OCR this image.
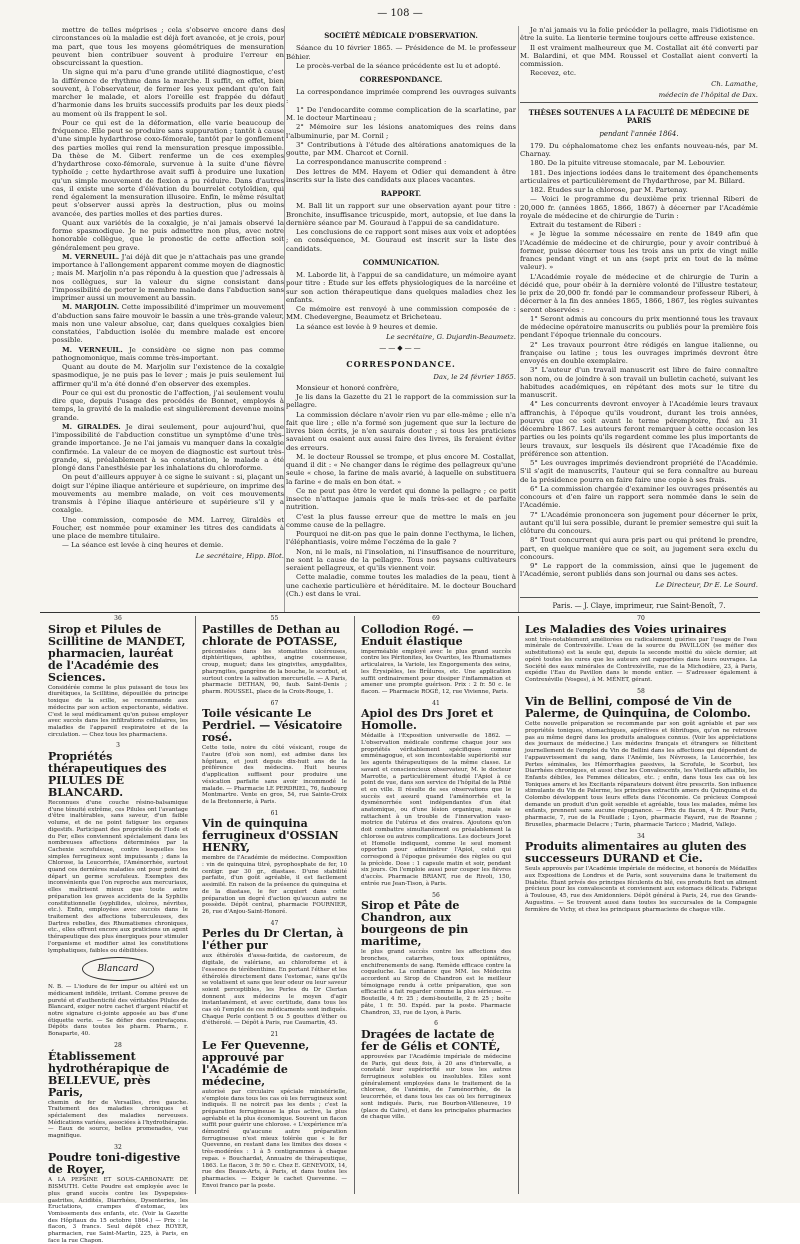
— 108 —

mettre de telles méprises ; cela s'observe encore dans des circonstances où la maladie est déjà fort avancée, et je crois, pour ma part, que tous les moyens géométriques de mensuration peuvent bien contribuer souvent à produire l'erreur en obscurcissant la question.

Un signe qui m'a paru d'une grande utilité diagnostique, c'est la différence de rhythme dans la marche. Il suffit, en effet, bien souvent, à l'observateur, de fermer les yeux pendant qu'on fait marcher le malade, et alors l'oreille est frappée du défaut d'harmonie dans les bruits successifs produits par les deux pieds au moment où ils frappent le sol.

Pour ce qui est de la déformation, elle varie beaucoup de fréquence. Elle peut se produire sans suppuration ; tantôt à cause d'une simple hydarthrose coxo-fémorale, tantôt par le gonflement des parties molles qui rend la mensuration presque impossible. Da thèse de M. Gibert renferme un de ces exemples d'hydarthrose coxo-fémorale, survenue à la suite d'une fièvre typhoïde ; cette hydarthrose avait suffi à produire une luxation qu'un simple mouvement de flexion a pu réduire. Dans d'autres cas, il existe une sorte d'élévation du bourrelet cotyloïdien, qui rend également la mensuration illusoire. Enfin, le même résultat peut s'observer aussi après la destruction, plus ou moins avancée, des parties molles et des parties dures.

Quant aux variétés de la coxalgie, je n'ai jamais observé la forme spasmodique. Je ne puis admettre non plus, avec notre honorable collègue, que le pronostic de cette affection soit généralement peu grave.

M. VERNEUIL. J'ai déjà dit que je n'attachais pas une grande importance à l'allongement apparent comme moyen de diagnostic ; mais M. Marjolin n'a pas répondu à la question que j'adressais à nos collègues, sur la valeur du signe consistant dans l'impossibilité de porter le membre malade dans l'abduction sans imprimer aussi un mouvement au bassin.

M. MARJOLIN. Cette impossibilité d'imprimer un mouvement d'abduction sans faire mouvoir le bassin a une très-grande valeur, mais non une valeur absolue, car, dans quelques coxalgies bien constatées, l'abduction isolée du membre malade est encore possible.

M. VERNEUIL. Je considère ce signe non pas comme pathognomonique, mais comme très-important.

Quant au doute de M. Marjolin sur l'existence de la coxalgie spasmodique, je ne puis pas le lever ; mais je puis seulement lui affirmer qu'il m'a été donné d'en observer des exemples.

Pour ce qui est du pronostic de l'affection, j'ai seulement voulu dire que, depuis l'usage des procédés de Bonnet, employés à temps, la gravité de la maladie est singulièrement devenue moins grande.

M. GIRALDÈS. Je dirai seulement, pour aujourd'hui, que l'impossibilité de l'abduction constitue un symptôme d'une très-grande importance. Je ne l'ai jamais vu manquer dans la coxalgie confirmée. La valeur de ce moyen de diagnostic est surtout très-grande, si, préalablement à sa constatation, le malade a été plongé dans l'anesthésie par les inhalations du chloroforme.

On peut d'ailleurs appuyer à ce signe le suivant : si, plaçant un doigt sur l'épine iliaque antérieure et supérieure, on imprime des mouvements au membre malade, on voit ces mouvements transmis à l'épine iliaque antérieure et supérieure s'il y a coxalgie.

Une commission, composée de MM. Larrey, Giraldès et Foucher, est nommée pour examiner les titres des candidats à une place de membre titulaire.

— La séance est levée à cinq heures et demie.

Le secrétaire, Hipp. Blot.
SOCIÉTÉ MÉDICALE D'OBSERVATION.

Séance du 10 février 1865. — Présidence de M. le professeur Béhier.

Le procès-verbal de la séance précédente est lu et adopté.

CORRESPONDANCE.

La correspondance imprimée comprend les ouvrages suivants :

1° De l'endocardite comme complication de la scarlatine, par M. le docteur Martineau ;

2° Mémoire sur les lésions anatomiques des reins dans l'albuminurie, par M. Cornil ;

3° Contributions à l'étude des altérations anatomiques de la goutte, par MM. Charcot et Cornil.

La correspondance manuscrite comprend :

Des lettres de MM. Hayem et Odier qui demandent à être inscrits sur la liste des candidats aux places vacantes.

RAPPORT.

M. Ball lit un rapport sur une observation ayant pour titre : Bronchite, insuffisance tricuspide, mort, autopsie, et lue dans la dernière séance par M. Gouraud à l'appui de sa candidature.

Les conclusions de ce rapport sont mises aux voix et adoptées ; en conséquence, M. Gouraud est inscrit sur la liste des candidats.

COMMUNICATION.

M. Laborde lit, à l'appui de sa candidature, un mémoire ayant pour titre : Étude sur les effets physiologiques de la narcéine et sur son action thérapeutique dans quelques maladies chez les enfants.

Ce mémoire est renvoyé à une commission composée de : MM. Chedevergne, Beaumetz et Bricheteau.

La séance est levée à 9 heures et demie.

Le secrétaire, G. Dujardin-Beaumetz.
——◆——
CORRESPONDANCE.
Dax, le 24 février 1865.

Monsieur et honoré confrère,

Je lis dans la Gazette du 21 le rapport de la commission sur la pellagre.

La commission déclare n'avoir rien vu par elle-même ; elle n'a fait que lire ; elle n'a formé son jugement que sur la lecture de livres bien écrits, je n'en saurais douter ; si tous les praticiens savaient ou osaient aux aussi faire des livres, ils feraient éviter des erreurs.

M. le docteur Roussel se trompe, et plus encore M. Costallat, quand il dit : « Ne changer dans le régime des pellagreux qu'une seule « chose, la farine de maïs avarié, à laquelle on substituera la farine « de maïs en bon état. »

Ce ne peut pas être le verdet qui donne la pellagre ; ce petit insecte n'attaque jamais que le maïs très-sec et de parfaite nutrition.

C'est la plus fausse erreur que de mettre le maïs en jeu comme cause de la pellagre.

Pourquoi ne dit-on pas que le pain donne l'ecthyma, le lichen, l'éléphantiasis, voire même l'eczéma de la gale ?

Non, ni le maïs, ni l'insolation, ni l'insuffisance de nourriture, ne sont la cause de la pellagre. Tous nos paysans cultivateurs seraient pellagreux, et qu'ils viennent voir.

Cette maladie, comme toutes les maladies de la peau, tient à une cachexie particulière et héréditaire. M. le docteur Bouchard (Ch.) est dans le vrai.

Je n'ai jamais vu la folie précéder la pellagre, mais l'idiotisme en être la suite. La lienterie termine toujours cette affreuse existence.

Il est vraiment malheureux que M. Costallat ait été converti par M. Balardini, et que MM. Roussel et Costallat aient converti la commission.

Recevez, etc.

Ch. Lamathe,
médecin de l'hôpital de Dax.
THÈSES SOUTENUES A LA FACULTÉ DE MÉDECINE DE PARIS
pendant l'année 1864.

179. Du céphalomatome chez les enfants nouveau-nés, par M. Charnay.

180. De la pituite vitreuse stomacale, par M. Lebouvier.

181. Des injections iodées dans le traitement des épanchements articulaires et particulièrement de l'hydarthrose, par M. Billard.

182. Études sur la chlorose, par M. Partenay.

— Voici le programme du deuxième prix triennal Riberi de 20,000 fr. (années 1865, 1866, 1867) à décerner par l'Académie royale de médecine et de chirurgie de Turin :

Extrait du testament de Riberi :

« Je lègue la somme nécessaire en rente de 1849 afin que l'Académie de médecine et de chirurgie, pour y avoir contribué à former, puisse décerner tous les trois ans un prix de vingt mille francs pendant vingt et un ans (sept prix en tout de la même valeur). »

L'Académie royale de médecine et de chirurgie de Turin a décidé que, pour obéir à la dernière volonté de l'illustre testateur, le prix de 20,000 fr. fondé par le commandeur professeur Riberi, à décerner à la fin des années 1865, 1866, 1867, les règles suivantes seront observées :

1° Seront admis au concours du prix mentionné tous les travaux de médecine opératoire manuscrits ou publiés pour la première fois pendant l'époque triennale du concours.

2° Les travaux pourront être rédigés en langue italienne, ou française ou latine ; tous les ouvrages imprimés devront être envoyés en double exemplaire.

3° L'auteur d'un travail manuscrit est libre de faire connaître son nom, ou de joindre à son travail un bulletin cacheté, suivant les habitudes académiques, en répétant des mots sur le titre du manuscrit.

4° Les concurrents devront envoyer à l'Académie leurs travaux affranchis, à l'époque qu'ils voudront, durant les trois années, pourvu que ce soit avant le terme péremptoire, fixé au 31 décembre 1867. Les auteurs feront remarquer à cette occasion les parties ou les points qu'ils regardent comme les plus importants de leurs travaux, sur lesquels ils désirent que l'Académie fixe de préférence son attention.

5° Les ouvrages imprimés deviendront propriété de l'Académie. S'il s'agit de manuscrits, l'auteur qui se fera connaître au bureau de la présidence pourra en faire faire une copie à ses frais.

6° La commission chargée d'examiner les ouvrages présentés au concours et d'en faire un rapport sera nommée dans le sein de l'Académie.

7° L'Académie prononcera son jugement pour décerner le prix, autant qu'il lui sera possible, durant le premier semestre qui suit la clôture du concours.

8° Tout concurrent qui aura pris part ou qui prétend le prendre, part, en quelque manière que ce soit, au jugement sera exclu du concours.

9° Le rapport de la commission, ainsi que le jugement de l'Académie, seront publiés dans son journal ou dans ses actes.

Le Directeur, Dr E. Le Sourd.
Paris. — J. Claye, imprimeur, rue Saint-Benoît, 7.
36
Sirop et Pilules de Scillitine de MANDET, pharmacien, lauréat de l'Académie des Sciences.
Considérée comme le plus puissant de tous les diurétiques, la Scillitine, dépouillée du principe toxique de la scille, se recommande aux médecins par son action expectorante, sédative. C'est le seul médicament qu'on puisse employer avec succès dans les infiltrations cellulaires, les maladies de l'appareil respiratoire et de la circulation. — Chez tous les pharmaciens.
3
Propriétés thérapeutiques des PILULES DE BLANCARD.
Reconnues d'une couche résino-balsamique d'une ténuité extrême, ces Pilules ont l'avantage d'être inaltérables, sans saveur, d'un faible volume, et de ne point fatiguer les organes digestifs. Participant des propriétés de l'Iode et du Fer, elles conviennent spécialement dans les nombreuses affections déterminées par la Cachexie scrofuleuse, contre lesquelles les simples ferrugineux sont impuissants ; dans la Chlorose, la Leucorrhée, l'Aménorrhée, surtout quand ces dernières maladies ont pour point de départ un germe scrofuleux. Exemptes des inconvénients que l'on reproche aux mercuriaux, elles maîtrisent mieux que toute autre préparation les graves accidents de la Syphilis constitutionnelle (syphilides, ulcères, névrites, etc.). Enfin, employées avec succès dans le traitement des affections tuberculeuses, des Dartres rebelles, des Rhumatismes chroniques, etc., elles offrent encore aux praticiens un agent thérapeutique des plus énergiques pour stimuler l'organisme et modifier ainsi les constitutions lymphatiques, faibles ou débilitées.
Blancard
N. B. — L'iodure de fer impur ou altéré est un médicament infidèle, irritant. Comme preuve de pureté et d'authenticité des véritables Pilules de Blancard, exiger notre cachet d'argent réactif et notre signature ci-jointe apposée au bas d'une étiquette verte. — Se défier des contrefaçons. Dépôts dans toutes les pharm. Pharm., r. Bonaparte, 40.
28
Établissement hydrothérapique de BELLEVUE, près Paris,
chemin de fer de Versailles, rive gauche. Traitement des maladies chroniques et spécialement des maladies nerveuses. Médications variées, associées à l'hydrothérapie. — Eaux de source, belles promenades, vue magnifique.
32
Poudre toni-digestive de Royer,
A LA PEPSINE ET SOUS-CARBONATE DE BISMUTH. Cette Poudre est employée avec le plus grand succès contre les Dyspepsies-gastrites, Acidités, Diarrhées, Dysenteries, les Eructations, crampes d'estomac, les Vomissements des enfants, etc. (Voir la Gazette des Hôpitaux du 15 octobre 1864.) — Prix : le flacon, 3 francs. Seul dépôt chez ROYER, pharmacien, rue Saint-Martin, 225, à Paris, en face la rue Chapon.
55
Pastilles de Dethan au chlorate de POTASSE,
préconisées dans les stomatites ulcéreuses, diphtéritiques, aphthes, angine couenneuse, croup, muguet; dans les gingivites, amygdalites, pharyngites, gangrène de la bouche, le scorbut, et surtout contre la salivation mercurielle. — A Paris, pharmacie DETHAN, 90, faub. Saint-Denis ; pharm. ROUSSEL, place de la Croix-Rouge, 1.
67
Toile vésicante Le Perdriel. — Vésicatoire rosé.
Cette toile, noire du côté vésicant, rouge de l'autre (d'où son nom), est admise dans les hôpitaux, et jouit depuis dix-huit ans de la préférence des médecins. Huit heures d'application suffisent pour produire une vésication parfaite sans avoir incommodé le malade. — Pharmacie LE PERDRIEL, 76, faubourg Montmartre. Vente en gros, 54, rue Sainte-Croix de la Bretonnerie, à Paris.
61
Vin de quinquina ferrugineux d'OSSIAN HENRY,
membre de l'Académie de médecine. Composition : vin de quinquina titré, pyrophosphate de fer, 10 centigr. par 30 gr., diastase. D'une stabilité parfaite, d'un goût agréable, il est facilement assimilé. En raison de la présence du quinquina et de la diastase, le fer acquiert dans cette préparation un degré d'action qu'aucun autre ne possède. Dépôt central, pharmacie FOURNIER, 26, rue d'Anjou-Saint-Honoré.
47
Perles du Dr Clertan, à l'éther pur
aux éthérolés d'assa-fœtida, de castoreum, de digitale, de valériane, au chloroforme et à l'essence de térébenthine. En portant l'éther et les éthérolés directement dans l'estomac, sans qu'ils se volatisent et sans que leur odeur ou leur saveur soient perceptibles, les Perles du Dr Clertan donnent aux médecins le moyen d'agir instantanément, et avec certitude, dans tous les cas où l'emploi de ces médicaments sont indiqués. Chaque Perle contient 5 ou 5 gouttes d'éther ou d'éthérolé. — Dépôt à Paris, rue Caumartin, 45.
21
Le Fer Quevenne, approuvé par l'Académie de médecine,
autorisé par circulaire spéciale ministérielle, s'emploie dans tous les cas où les ferrugineux sont indiqués. Il ne noircit pas les dents ; c'est la préparation ferrugineuse la plus active, la plus agréable et la plus économique. Souvent un flacon suffit pour guérir une chlorose. « L'expérience m'a démontré qu'aucune autre préparation ferrugineuse n'est mieux tolérée que « le fer Quevenne, en restant dans les limites des doses « très-modérées : 1 à 5 centigrammes à chaque repas. » Bouchardat, Annuaire de thérapeutique, 1863. Le flacon, 3 fr. 50 c. Chez E. GENEVOIX, 14, rue des Beaux-Arts, à Paris, et dans toutes les pharmacies. — Exiger le cachet Quevenne. — Envoi franco par la poste.
69
Collodion Rogé. — Enduit élastique
imperméable employé avec le plus grand succès contre les Péritonites, les Ovarites, les Rhumatismes articulaires, la Variole, les Engorgements des seins, les Érysipèles, les Brûlures, etc. Une application suffit ordinairement pour dissiper l'inflammation et amener une prompte guérison. Prix : 2 fr. 50 c. le flacon. — Pharmacie ROGÉ, 12, rue Vivienne, Paris.
41
Apiol des Drs Joret et Homolle.
Médaille à l'Exposition universelle de 1862. — L'observation médicale confirme chaque jour ses propriétés véritablement spécifiques comme emménagogue, et son incontestable supériorité sur les agents thérapeutiques de la même classe. Le savant et consciencieux observateur, M. le docteur Marrotte, a particulièrement étudié l'Apiol à ce point de vue, dans son service de l'hôpital de la Pitié et en ville. Il résulte de ses observations que le succès est assuré quand l'aménorrhée et la dysménorrhée sont indépendantes d'un état anatomique, ou d'une lésion organique, mais se rattachent à un trouble de l'innervation vaso-motrice de l'utérus et des ovaires. Ajoutons qu'on doit combattre simultanément ou préalablement la chlorose ou autres complications. Les docteurs Joret et Homolle indiquent, comme le seul moment opportun pour administrer l'Apiol, celui qui correspond à l'époque présumée des règles ou qui la précède. Dose : 1 capsule matin et soir, pendant six jours. On l'emploie aussi pour couper les fièvres d'accès. Pharmacie BRIANT, rue de Rivoli, 150, entrée rue Jean-Tison, à Paris.
56
Sirop et Pâte de Chandron, aux bourgeons de pin maritime,
le plus grand succès contre les affections des bronches, catarrhes, toux opiniâtres, enchifrenements de sang. Remède efficace contre la coqueluche. La confiance que MM. les Médecins accordent au Sirop de Chandron est le meilleur témoignage rendu à cette préparation, que son efficacité a fait regarder comme la plus sérieuse. — Bouteille, 4 fr. 25 ; demi-bouteille, 2 fr. 25 ; boîte pâte, 1 fr. 50. Expéd. par la poste. Pharmacie Chandron, 33, rue de Lyon, à Paris.
6
Dragées de lactate de fer de Gélis et CONTÉ,
approuvées par l'Académie impériale de médecine de Paris, qui deux fois, à 20 ans d'intervalle, a constaté leur supériorité sur tous les autres ferrugineux solubles ou insolubles. Elles sont généralement employées dans le traitement de la chlorose, de l'anémie, de l'aménorrhée, de la leucorrhée, et dans tous les cas où les ferrugineux sont indiqués. Paris, rue Bourbon-Villeneuve, 19 (place du Caire), et dans les principales pharmacies de chaque ville.
70
Les Maladies des Voies urinaires
sont très-notablement améliorées ou radicalement guéries par l'usage de l'eau minérale de Contrexéville. L'eau de la source du PAVILLON (se méfier des substitutions) est la seule qui, depuis la seconde moitié du siècle dernier, ait opéré toutes les cures que les auteurs ont rapportées dans leurs ouvrages. La Société des eaux minérales de Contrexéville, rue de la Michodière, 23, à Paris, expédie l'Eau du Pavillon dans le monde entier. — S'adresser également à Contrexéville (Vosges), à M. MÉNET, gérant.
58
Vin de Bellini, composé de Vin de Palerme, de Quinquina, de Colombo.
Cette nouvelle préparation se recommande par son goût agréable et par ses propriétés toniques, stomachiques, apéritives et fébrifuges, qu'on ne retrouve pas au même degré dans les produits analogues connus. (Voir les appréciations des journaux de médecine.) Les médecins français et étrangers se félicitent journellement de l'emploi du Vin de Bellini dans les affections qui dépendent de l'appauvrissement du sang, dans l'Anémie, les Névroses, la Leucorrhée, les Pertes séminales, les Hémorrhagies passives, la Scrofule, le Scorbut, les Diarrhées chroniques, et aussi chez les Convalescents, les Vieillards affaiblis, les Enfants débiles, les Femmes délicates, etc. ; enfin, dans tous les cas où les Toniques amers et les Excitants réparateurs doivent être prescrits. Son influence stimulante du Vin de Palerme, les principes extractifs amers du Quinquina et du Colombo développent tous leurs effets dans l'économie. Ce précieux Composé demande un produit d'un goût sensible et agréable, tous les malades, même les enfants, prennent sans aucune répugnance. — Prix du flacon, 4 fr. Pour Paris, pharmacie, 7, rue de la Feuillade ; Lyon, pharmacie Fayard, rue de Roanne ; Bruxelles, pharmacie Delacre ; Turin, pharmacie Taricco ; Madrid, Vallejo.
34
Produits alimentaires au gluten des successeurs DURAND et Cie.
Seuls approuvés par l'Académie impériale de médecine, et honorés de Médailles aux Expositions de Londres et de Paris, sont souverains dans le traitement du Diabète. Étant privés des principes féculents du blé, ces produits font un aliment précieux pour les convalescents et conviennent aux estomacs délicats. Fabrique à Toulouse, 45, rue des Amidonniers. Dépôt général à Paris, 24, rue des Grands-Augustins. — Se trouvent aussi dans toutes les succursales de la Compagnie fermière de Vichy, et chez les principaux pharmaciens de chaque ville.
